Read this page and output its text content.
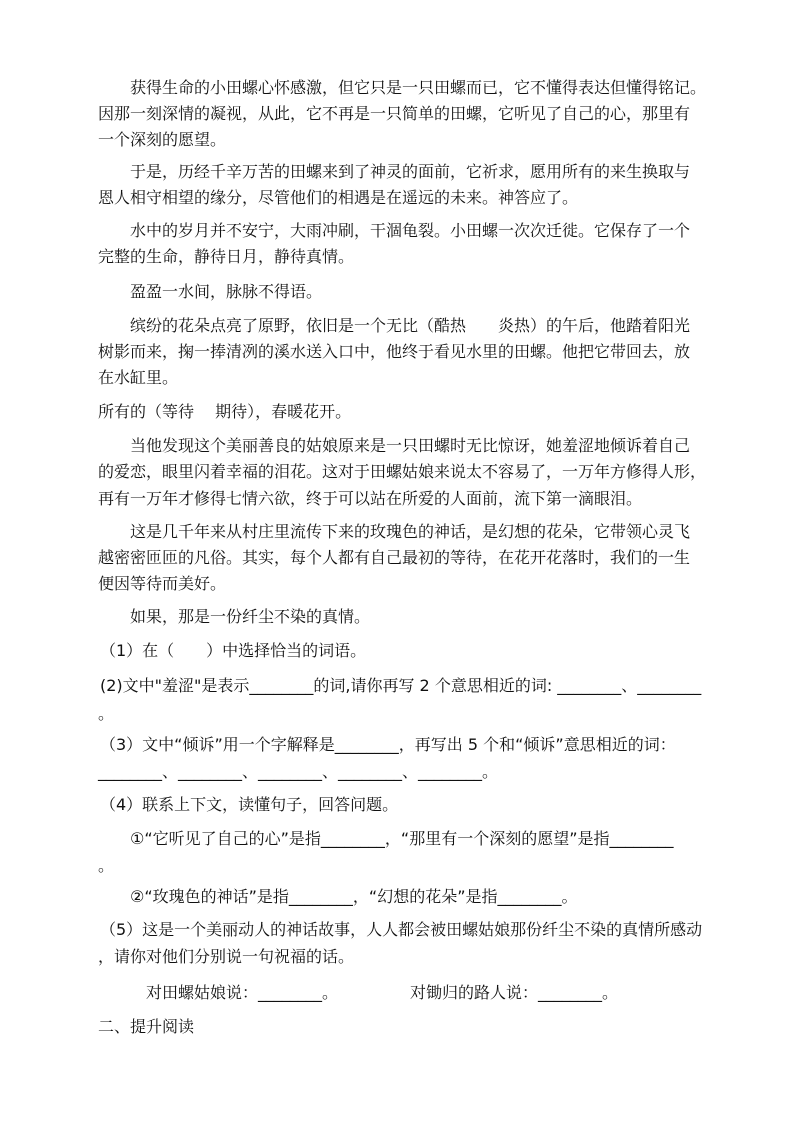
获得生命的小田螺心怀感激，但它只是一只田螺而已，它不懂得表达但懂得铭记。
因那一刻深情的凝视，从此，它不再是一只简单的田螺，它听见了自己的心，那里有
一个深刻的愿望。
于是，历经千辛万苦的田螺来到了神灵的面前，它祈求，愿用所有的来生换取与
恩人相守相望的缘分，尽管他们的相遇是在遥远的未来。神答应了。
水中的岁月并不安宁，大雨冲刷，干涸龟裂。小田螺一次次迁徙。它保存了一个
完整的生命，静待日月，静待真情。
盈盈一水间，脉脉不得语。
缤纷的花朵点亮了原野，依旧是一个无比（酷热　　炎热）的午后，他踏着阳光
树影而来，掬一捧清冽的溪水送入口中，他终于看见水里的田螺。他把它带回去，放
在水缸里。
所有的（等待　 期待），春暖花开。
当他发现这个美丽善良的姑娘原来是一只田螺时无比惊讶，她羞涩地倾诉着自己
的爱恋，眼里闪着幸福的泪花。这对于田螺姑娘来说太不容易了，一万年方修得人形，
再有一万年才修得七情六欲，终于可以站在所爱的人面前，流下第一滴眼泪。
这是几千年来从村庄里流传下来的玫瑰色的神话，是幻想的花朵，它带领心灵飞
越密密匝匝的凡俗。其实，每个人都有自己最初的等待，在花开花落时，我们的一生
便因等待而美好。
如果，那是一份纤尘不染的真情。
（1）在（　　）中选择恰当的词语。
(2)文中"羞涩"是表示________的词,请你再写 2 个意思相近的词: ________、________
。
（3）文中“倾诉”用一个字解释是________，再写出 5 个和“倾诉”意思相近的词：
________、________、________、________、________。
（4）联系上下文，读懂句子，回答问题。
①“它听见了自己的心”是指________，“那里有一个深刻的愿望”是指________
。
②“玫瑰色的神话”是指________，“幻想的花朵”是指________。
（5）这是一个美丽动人的神话故事，人人都会被田螺姑娘那份纤尘不染的真情所感动
，请你对他们分别说一句祝福的话。
对田螺姑娘说：________。　　　　　对锄归的路人说：________。
二、提升阅读
